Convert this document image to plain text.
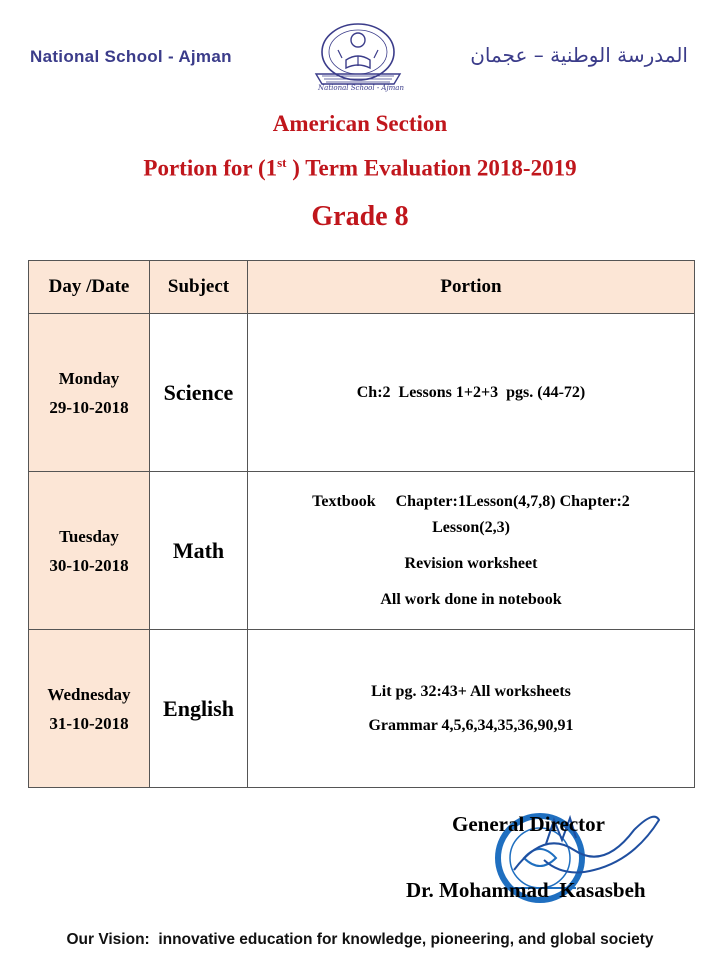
National School - Ajman
National School - Ajman
المدرسة الوطنية – عجمان
American Section
Portion for (1st ) Term Evaluation 2018-2019
Grade 8
Day /Date	Subject	Portion

Monday
29-10-2018	Science	Ch:2  Lessons 1+2+3  pgs. (44-72)

Tuesday
30-10-2018	Math	Textbook     Chapter:1Lesson(4,7,8) Chapter:2
Lesson(2,3)
Revision worksheet
All work done in notebook

Wednesday
31-10-2018	English	Lit pg. 32:43+ All worksheets
Grammar 4,5,6,34,35,36,90,91
General Director
Dr. Mohammad  Kasasbeh
Our Vision:  innovative education for knowledge, pioneering, and global society
